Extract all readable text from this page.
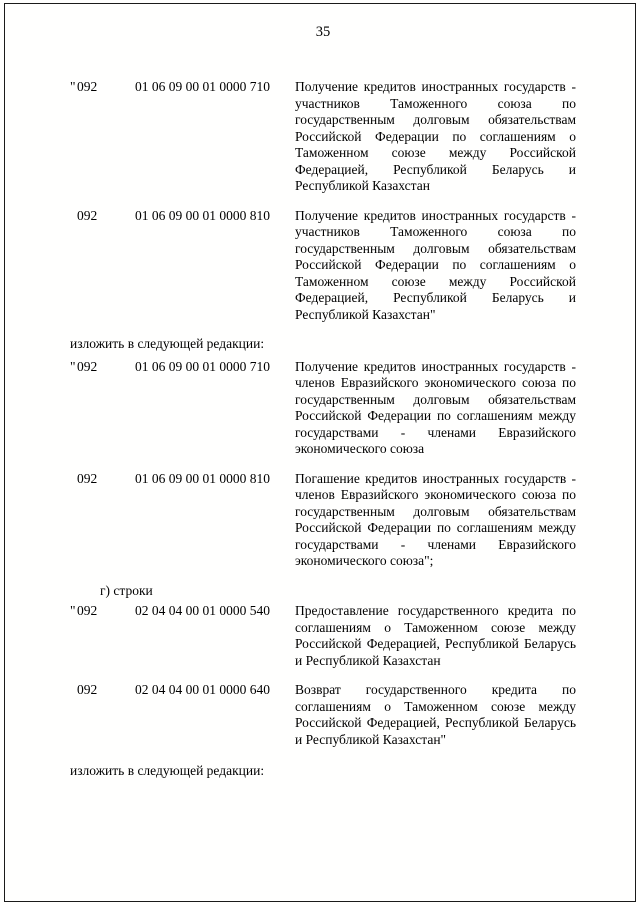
35
" 092	01 06 09 00 01 0000 710	Получение кредитов иностранных государств - участников Таможенного союза по государственным долговым обязательствам Российской Федерации по соглашениям о Таможенном союзе между Российской Федерацией, Республикой Беларусь и Республикой Казахстан
092	01 06 09 00 01 0000 810	Получение кредитов иностранных государств - участников Таможенного союза по государственным долговым обязательствам Российской Федерации по соглашениям о Таможенном союзе между Российской Федерацией, Республикой Беларусь и Республикой Казахстан"
изложить в следующей редакции:
" 092	01 06 09 00 01 0000 710	Получение кредитов иностранных государств - членов Евразийского экономического союза по государственным долговым обязательствам Российской Федерации по соглашениям между государствами - членами Евразийского экономического союза
092	01 06 09 00 01 0000 810	Погашение кредитов иностранных государств - членов Евразийского экономического союза по государственным долговым обязательствам Российской Федерации по соглашениям между государствами - членами Евразийского экономического союза";
г) строки
" 092	02 04 04 00 01 0000 540	Предоставление государственного кредита по соглашениям о Таможенном союзе между Российской Федерацией, Республикой Беларусь и Республикой Казахстан
092	02 04 04 00 01 0000 640	Возврат государственного кредита по соглашениям о Таможенном союзе между Российской Федерацией, Республикой Беларусь и Республикой Казахстан"
изложить в следующей редакции:
